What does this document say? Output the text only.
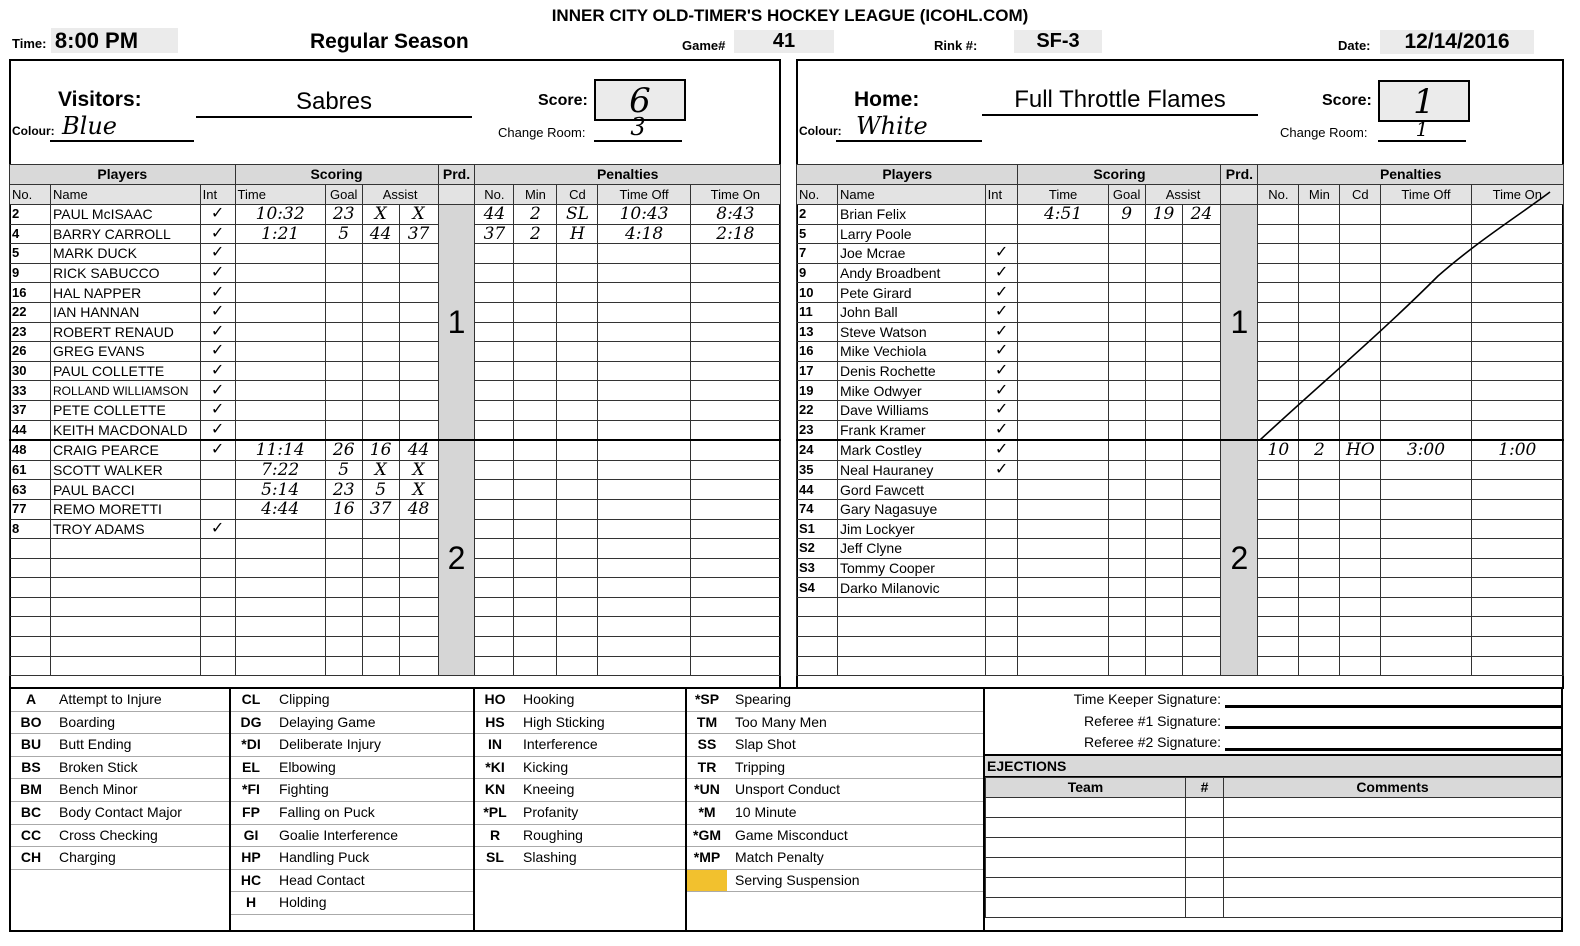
INNER CITY OLD-TIMER'S HOCKEY LEAGUE (ICOHL.COM)
Time: 8:00 PM	Regular Season	Game#	41	Rink #:	SF-3	Date:	12/14/2016
Visitors:	Sabres	Score:	6
Colour: Blue	Change Room:	3
Players			Scoring				Prd.	Penalties				
No.	Name	Int	Time	Goal	Assist			No.	Min	Cd	Time Off	Time On
2	PAUL McISAAC	✓	10:32	23	X	X	1	44	2	SL	10:43	8:43
4	BARRY CARROLL	✓	1:21	5	44	37		37	2	H	4:18	2:18
5	MARK DUCK	✓										
9	RICK SABUCCO	✓										
16	HAL NAPPER	✓										
22	IAN HANNAN	✓										
23	ROBERT RENAUD	✓										
26	GREG EVANS	✓										
30	PAUL COLLETTE	✓										
33	ROLLAND WILLIAMSON	✓										
37	PETE COLLETTE	✓										
44	KEITH MACDONALD	✓										
48	CRAIG PEARCE	✓	11:14	26	16	44	2					
61	SCOTT WALKER		7:22	5	X	X						
63	PAUL BACCI		5:14	23	5	X						
77	REMO MORETTI		4:44	16	37	48						
8	TROY ADAMS	✓										

Home:	Full Throttle Flames	Score:	1
Colour: White	Change Room:	1
Players			Scoring				Prd.	Penalties				
No.	Name	Int	Time	Goal	Assist			No.	Min	Cd	Time Off	Time On
2	Brian Felix		4:51	9	19	24	1					
5	Larry Poole											
7	Joe Mcrae	✓										
9	Andy Broadbent	✓										
10	Pete Girard	✓										
11	John Ball	✓										
13	Steve Watson	✓										
16	Mike Vechiola	✓										
17	Denis Rochette	✓										
19	Mike Odwyer	✓										
22	Dave Williams	✓										
23	Frank Kramer	✓										
24	Mark Costley	✓					2	10	2	HO	3:00	1:00
35	Neal Hauraney	✓										
44	Gord Fawcett											
74	Gary Nagasuye											
S1	Jim Lockyer											
S2	Jeff Clyne											
S3	Tommy Cooper											
S4	Darko Milanovic											

A Attempt to Injure
BO Boarding
BU Butt Ending
BS Broken Stick
BM Bench Minor
BC Body Contact Major
CC Cross Checking
CH Charging
CL Clipping
DG Delaying Game
*DI Deliberate Injury
EL Elbowing
*FI Fighting
FP Falling on Puck
GI Goalie Interference
HP Handling Puck
HC Head Contact
H Holding
HO Hooking
HS High Sticking
IN Interference
*KI Kicking
KN Kneeing
*PL Profanity
R Roughing
SL Slashing
*SP Spearing
TM Too Many Men
SS Slap Shot
TR Tripping
*UN Unsport Conduct
*M 10 Minute
*GM Game Misconduct
*MP Match Penalty
Serving Suspension
Time Keeper Signature:
Referee #1 Signature:
Referee #2 Signature:
EJECTIONS
Team	#	Comments
